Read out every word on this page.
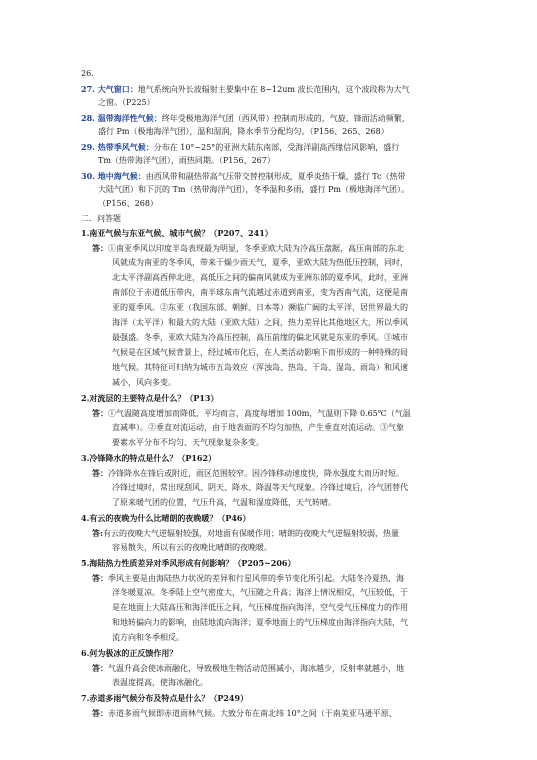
26.
27. 大气窗口：地气系统向外长波辐射主要集中在 8~12um 波长范围内，这个波段称为大气
之窗。（P225）
28. 温带海洋性气候：终年受极地海洋气团（西风带）控制而形成的，气旋、锋面活动频繁，
盛行 Pm（极地海洋气团），温和湿润，降水季节分配均匀。（P156、265、268）
29. 热带季风气候：分布在 10°~25°的亚洲大陆东南部，受海洋副高西缘信风影响，盛行
Tm（热带海洋气团），雨热同期。（P156、267）
30. 地中海气候：由西风带和副热带高气压带交替控制形成，夏季炎热干燥，盛行 Tc（热带
大陆气团）和下沉的 Tm（热带海洋气团），冬季温和多雨，盛行 Pm（极地海洋气团）。
（P156、268）
二．问答题
1.南亚气候与东亚气候、城市气候？（P207、241）
答：①南亚季风以印度半岛表现最为明显，冬季亚欧大陆为冷高压盘踞，高压南部的东北
风就成为南亚的冬季风，带来干燥少雨天气，夏季，亚欧大陆为热低压控制，同时，
北太平洋副高西伸北进，高低压之间的偏南风就成为亚洲东部的夏季风，此时，亚洲
南部位于赤道低压带内，南半球东南气流越过赤道到南亚，变为西南气流，这便是南
亚的夏季风。②东亚（我国东部、朝鲜、日本等）濒临广阔的太平洋，居世界最大的
海洋（太平洋）和最大的大陆（亚欧大陆）之间，热力差异比其他地区大，所以季风
最强盛。冬季，亚欧大陆为冷高压控制，高压前缘的偏北风就是东亚的季风。③城市
气候是在区域气候背景上，经过城市化后，在人类活动影响下而形成的一种特殊的局
地气候。其特征可归纳为城市五岛效应（浑浊岛、热岛、干岛、湿岛、雨岛）和风速
减小，风向多变。
2.对流层的主要特点是什么？（P13）
答：①气温随高度增加而降低，平均而言，高度每增加 100m，气温则下降 0.65℃（气温
直减率）。②垂直对流运动，由于地表面的不均匀加热，产生垂直对流运动。③气象
要素水平分布不均匀、天气现象复杂多变。
3.冷锋降水的特点是什么？（P162）
答：冷锋降水在锋后或附近，雨区范围较窄。因冷锋移动速度快，降水强度大而历时短。
冷锋过境时，常出现刮风、阴天、降水、降温等天气现象。冷锋过境后，冷气团替代
了原来暖气团的位置，气压升高，气温和湿度降低，天气转晴。
4.有云的夜晚为什么比晴朗的夜晚暖？（P46）
答:有云的夜晚大气逆辐射较强，对地面有保暖作用；晴朗的夜晚大气逆辐射较弱，热量
容易散失，所以有云的夜晚比晴朗的夜晚暖。
5.海陆热力性质差异对季风形成有何影响？（P205~206）
答：季风主要是由海陆热力状况的差异和行星风带的季节变化所引起。大陆冬冷夏热，海
洋冬暖夏凉。冬季陆上空气密度大，气压随之升高；海洋上情况相反，气压较低，于
是在地面上大陆高压和海洋低压之间，气压梯度指向海洋，空气受气压梯度力的作用
和地转偏向力的影响，由陆地流向海洋；夏季地面上的气压梯度由海洋指向大陆，气
流方向和冬季相反。
6.何为极冰的正反馈作用？
答：气温升高会使冰雨融化，导致极地生物活动范围减小，海冰越少，反射率就越小，地
表温度提高，使海冰融化。
7.赤道多雨气候分布及特点是什么？（P249）
答：赤道多雨气候即赤道雨林气候。大致分布在南北纬 10°之间（于南美亚马逊平原、
